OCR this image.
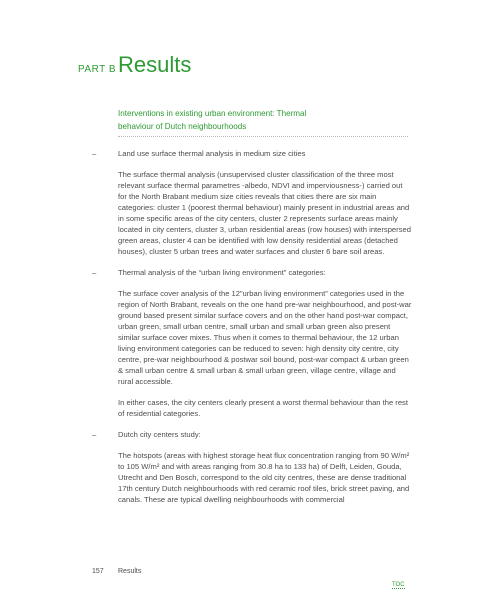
PART B Results
Interventions in existing urban environment: Thermal
behaviour of Dutch neighbourhoods
–	Land use surface thermal analysis in medium size cities
The surface thermal analysis (unsupervised cluster classification of the three most relevant surface thermal parametres -albedo, NDVI and imperviousness-) carried out for the North Brabant medium size cities reveals that cities there are six main categories: cluster 1 (poorest thermal behaviour) mainly present in industrial areas and in some specific areas of the city centers, cluster 2 represents surface areas mainly located in city centers, cluster 3, urban residential areas (row houses) with interspersed green areas, cluster 4 can be identified with low density residential areas (detached houses), cluster 5 urban trees and water surfaces and cluster 6 bare soil areas.
–	Thermal analysis of the “urban living environment” categories:
The surface cover analysis of the 12”urban living environment” categories used in the region of North Brabant, reveals on the one hand pre-war neighbourhood, and post-war ground based present similar surface covers and on the other hand post-war compact, urban green, small urban centre, small urban and small urban green also present similar surface cover mixes. Thus when it comes to thermal behaviour, the 12 urban living environment categories can be reduced to seven: high density city centre, city centre, pre-war neighbourhood & postwar soil bound, post-war compact & urban green & small urban centre & small urban & small urban green, village centre, village and rural accessible.
In either cases, the city centers clearly present a worst thermal behaviour than the rest of residential categories.
–	Dutch city centers study:
The hotspots (areas with highest storage heat flux concentration ranging from 90 W/m² to 105 W/m² and with areas ranging from 30.8 ha to 133 ha) of Delft, Leiden, Gouda, Utrecht and Den Bosch, correspond to the old city centres, these are dense traditional 17th century Dutch neighbourhoods with red ceramic roof tiles, brick street paving, and canals. These are typical dwelling neighbourhoods with commercial
157 Results
TOC
